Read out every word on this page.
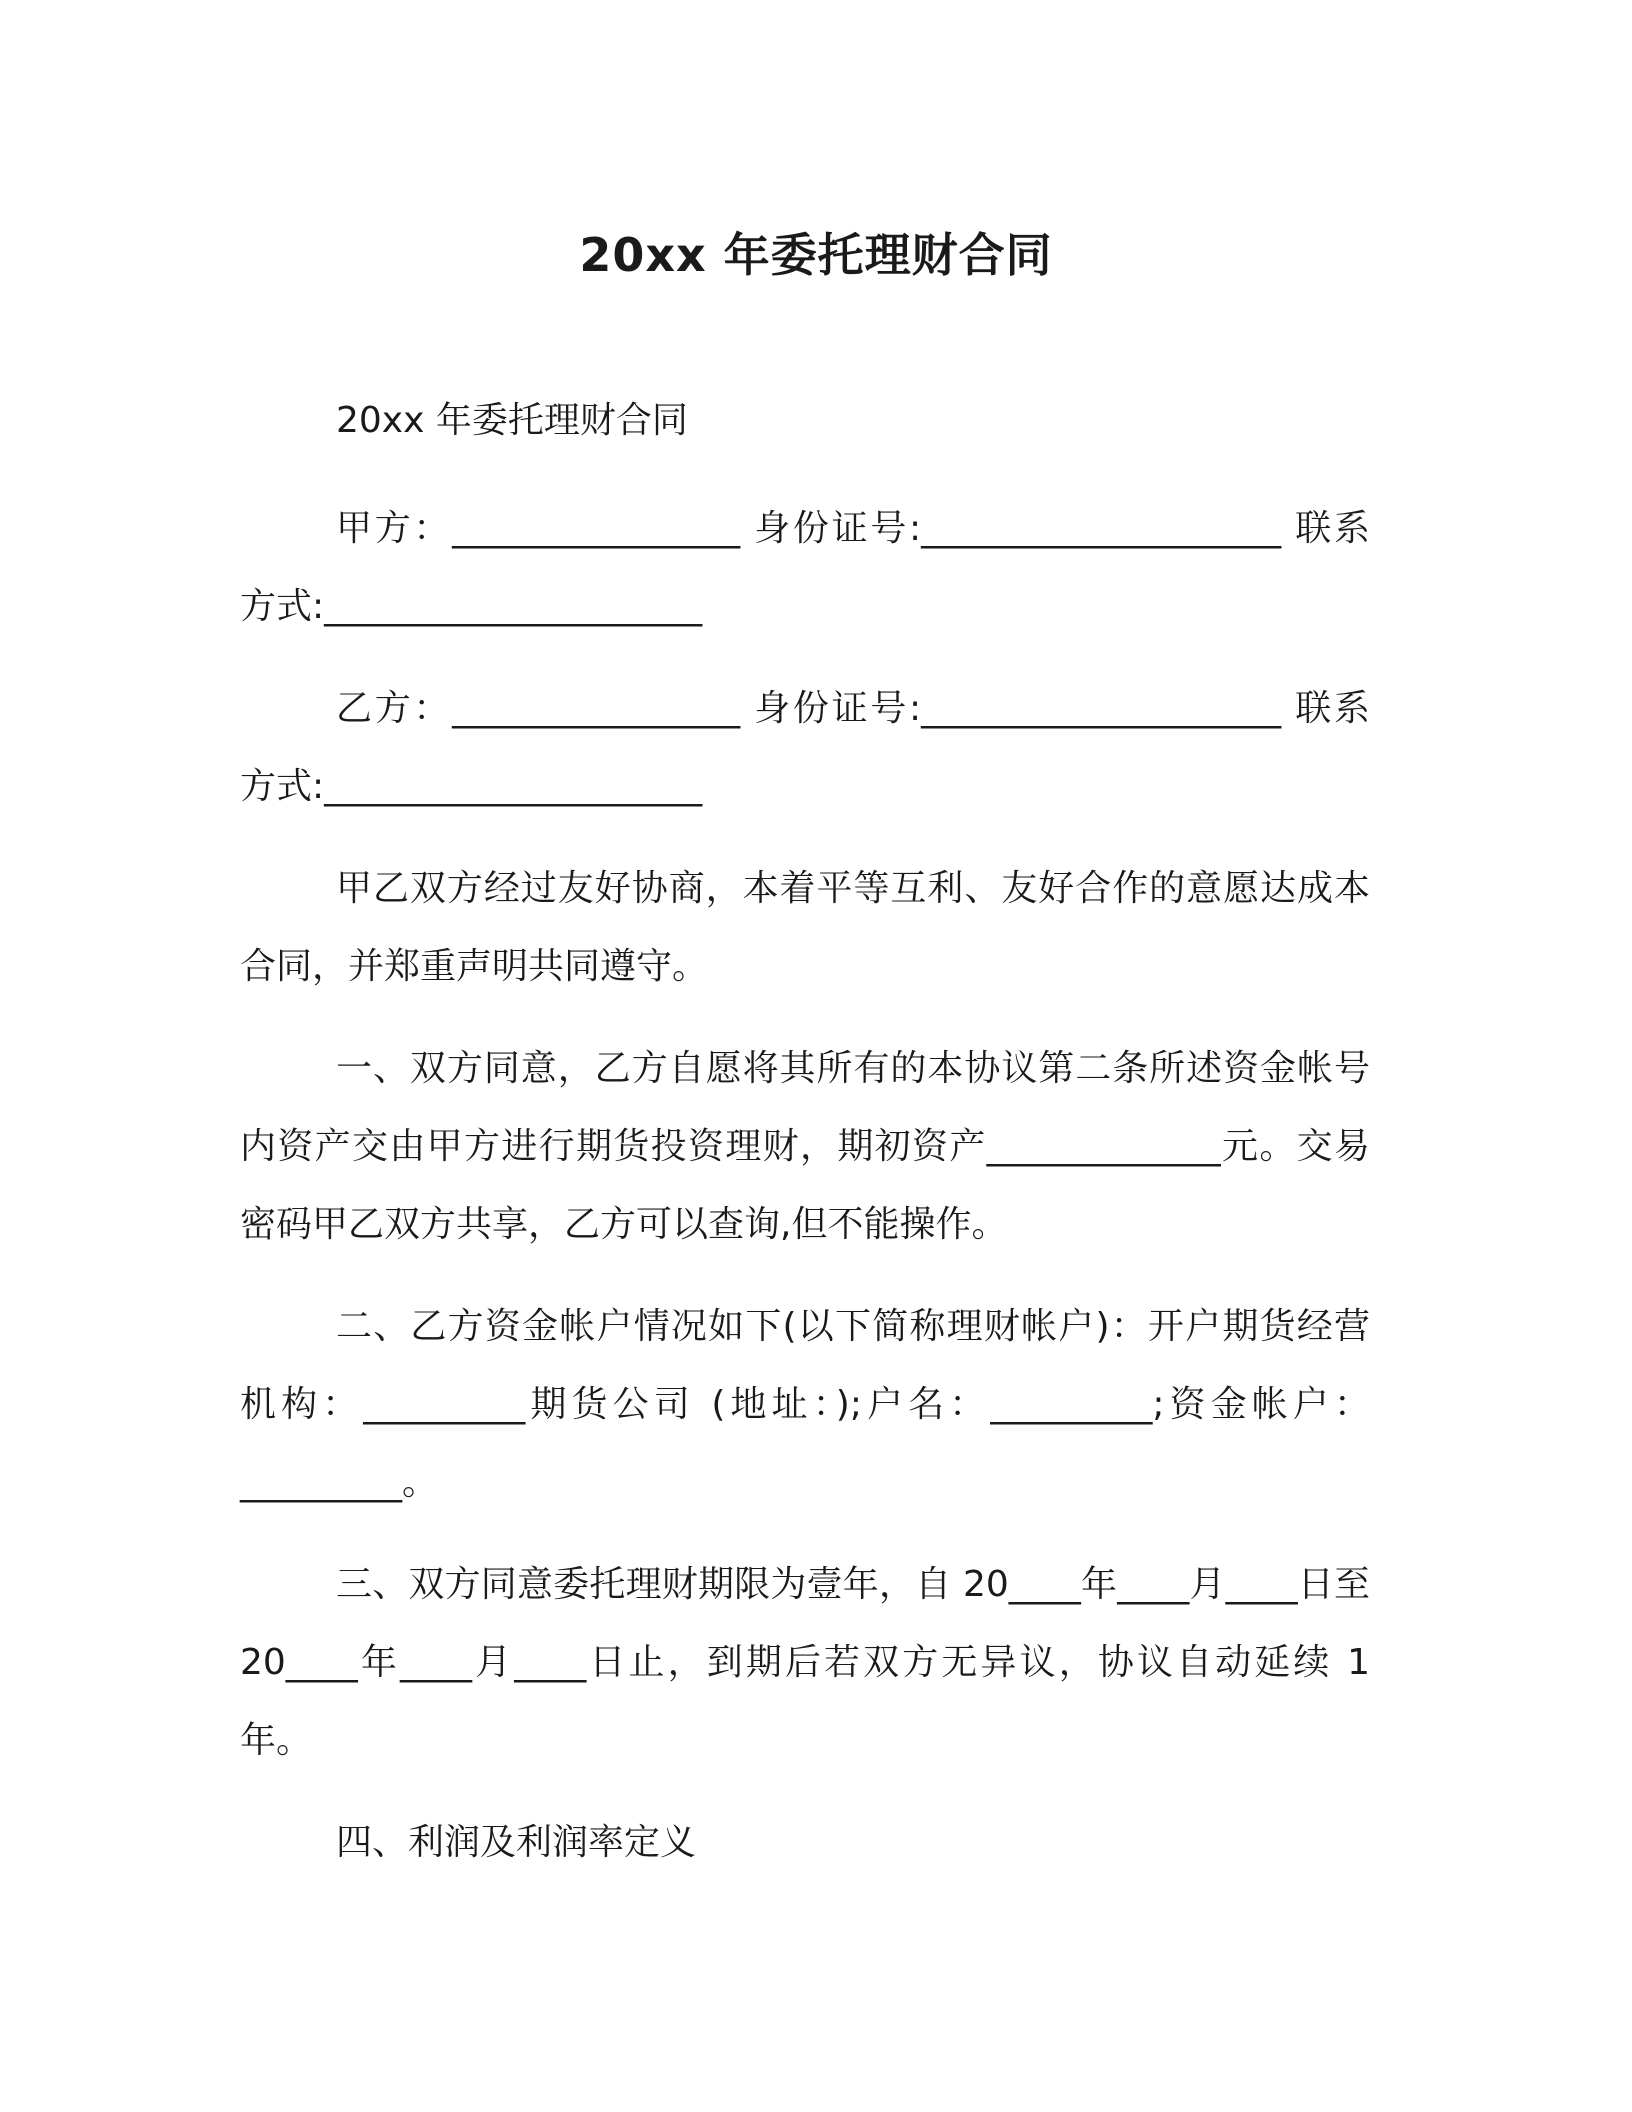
20xx 年委托理财合同

20xx 年委托理财合同

甲方：________________ 身份证号:____________________ 联系方式:_____________________

乙方：________________ 身份证号:____________________ 联系方式:_____________________

甲乙双方经过友好协商，本着平等互利、友好合作的意愿达成本合同，并郑重声明共同遵守。

一、双方同意，乙方自愿将其所有的本协议第二条所述资金帐号内资产交由甲方进行期货投资理财，期初资产_____________元。交易密码甲乙双方共享，乙方可以查询,但不能操作。

二、乙方资金帐户情况如下(以下简称理财帐户)：开户期货经营机构：_________期货公司 (地址：);户名：_________;资金帐户：_________。

三、双方同意委托理财期限为壹年，自 20____年____月____日至 20____年____月____日止，到期后若双方无异议，协议自动延续 1 年。

四、利润及利润率定义
